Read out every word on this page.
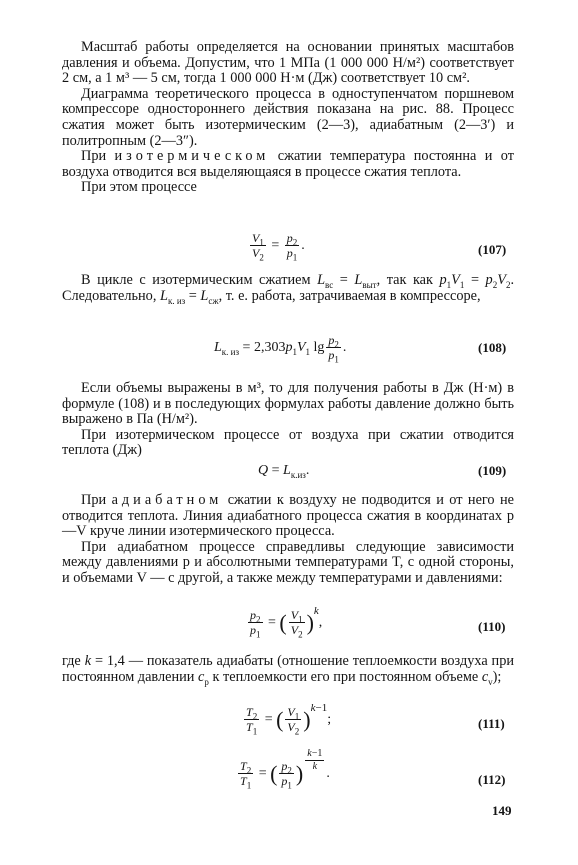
Масштаб работы определяется на основании принятых масштабов давления и объема. Допустим, что 1 МПа (1 000 000 Н/м²) соответствует 2 см, а 1 м³ — 5 см, тогда 1 000 000 Н·м (Дж) соответствует 10 см².

Диаграмма теоретического процесса в одноступенчатом поршневом компрессоре одностороннего действия показана на рис. 88. Процесс сжатия может быть изотермическим (2—3), адиабатным (2—3′) и политропным (2—3″).

При изотермическом сжатии температура постоянна и от воздуха отводится вся выделяющаяся в процессе сжатия теплота.

При этом процессе

$\frac{V_1}{V_2} = \frac{p_2}{p_1}$ .	(107)

В цикле с изотермическим сжатием $L_{вс} = L_{выт}$, так как $p_1V_1 = p_2V_2$. Следовательно, $L_{к. из} = L_{сж}$, т. е. работа, затрачиваемая в компрессоре,

$L_{к. из} = 2,303p_1V_1$ $\lg \frac{p_2}{p_1}$ .	(108)

Если объемы выражены в м³, то для получения работы в Дж (Н·м) в формуле (108) и в последующих формулах работы давление должно быть выражено в Па (Н/м²).

При изотермическом процессе от воздуха при сжатии отводится теплота (Дж)

$Q = L_{к.из}$.	(109)

При адиабатном сжатии к воздуху не подводится и от него не отводится теплота. Линия адиабатного процесса сжатия в координатах p—V круче линии изотермического процесса.

При адиабатном процессе справедливы следующие зависимости между давлениями p и абсолютными температурами T, с одной стороны, и объемами V — с другой, а также между температурами и давлениями:

$\frac{p_2}{p_1}$ = ( $\frac{V_1}{V_2}$ ) $^k$
,	(110)

где k = 1,4 — показатель адиабаты (отношение теплоемкости воздуха при постоянном давлении $c_p$ к теплоемкости его при постоянном объеме $c_v$);

$\frac{T_2}{T_1}$ = ( $\frac{V_1}{V_2}$ ) $^{k-1}$
;	(111)
$\frac{T_2}{T_1}$ = ( $\frac{p_2}{p_1}$ ) $\frac{k-1}{k}$
.	(112)
149
